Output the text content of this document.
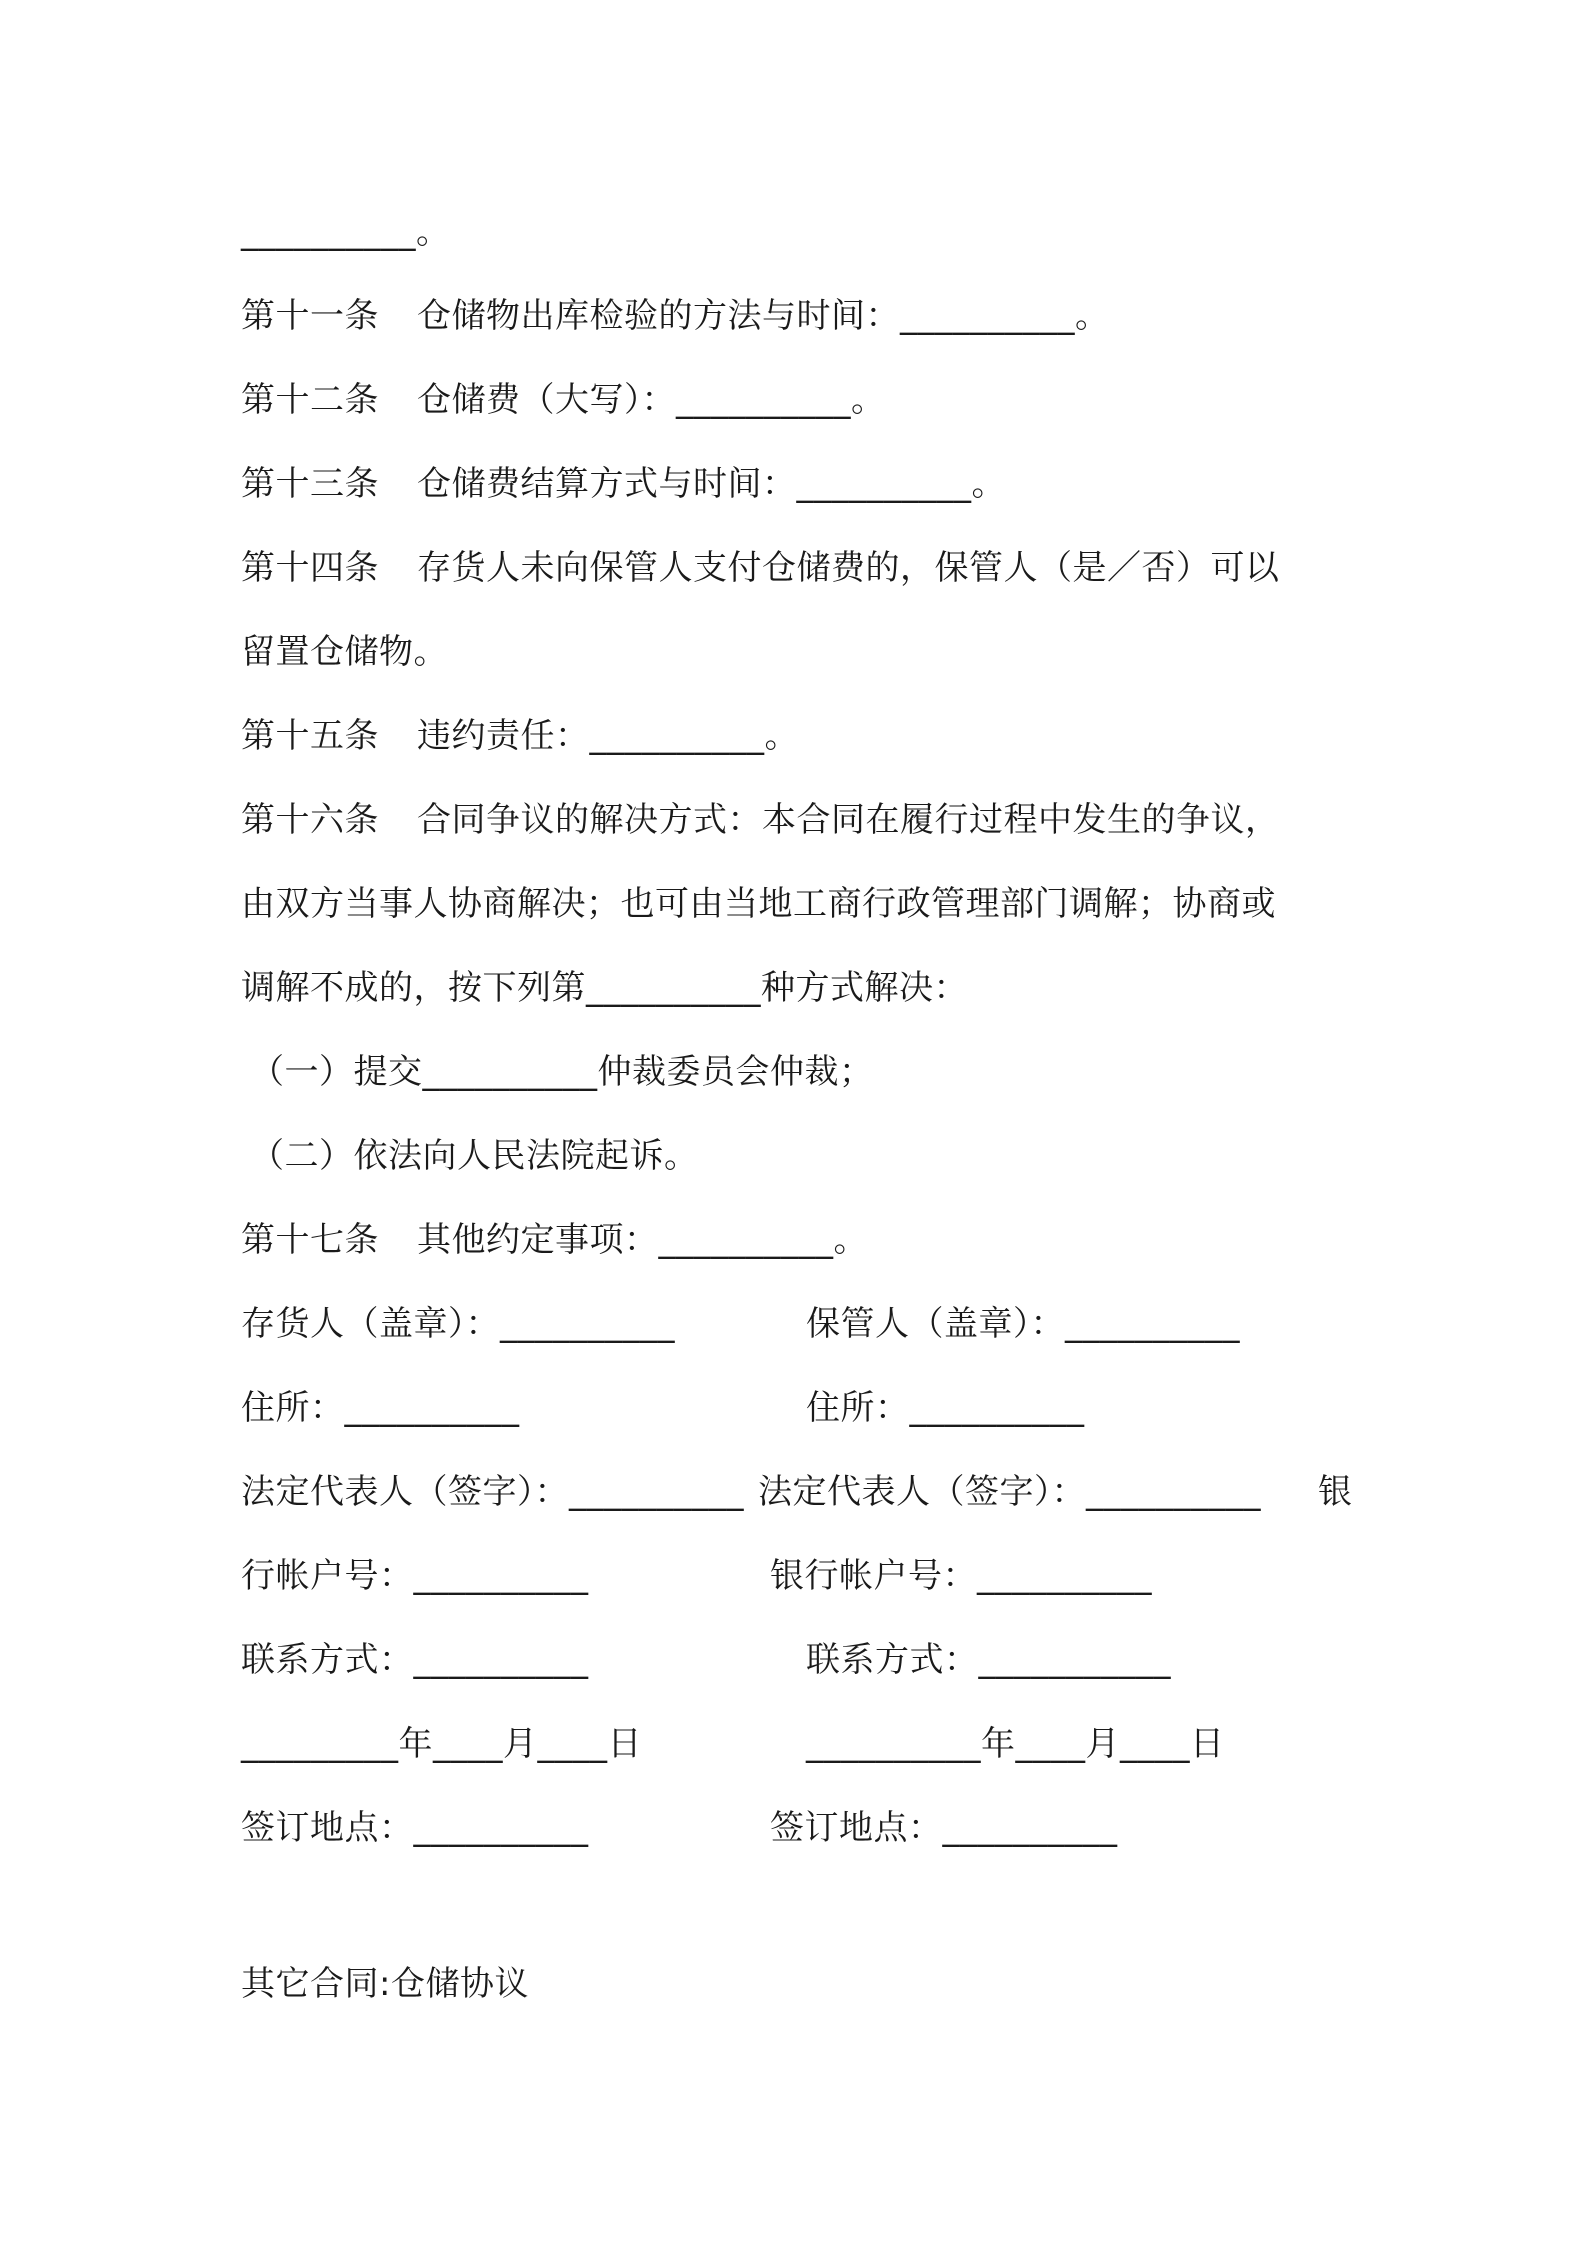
__________。
第十一条 仓储物出库检验的方法与时间：__________。
第十二条 仓储费（大写）：__________。
第十三条 仓储费结算方式与时间：__________。
第十四条 存货人未向保管人支付仓储费的，保管人（是／否）可以
留置仓储物。
第十五条 违约责任：__________。
第十六条 合同争议的解决方式：本合同在履行过程中发生的争议，
由双方当事人协商解决；也可由当地工商行政管理部门调解；协商或
调解不成的，按下列第__________种方式解决：
（一）提交__________仲裁委员会仲裁；
（二）依法向人民法院起诉。
第十七条 其他约定事项：__________。
存货人（盖章）：__________	保管人（盖章）：__________
住所：__________	住所：__________
法定代表人（签字）：__________ 法定代表人（签字）：__________ 银
行帐户号：__________	银行帐户号：__________
联系方式：__________	联系方式：___________
_________年____月____日	__________年____月____日
签订地点：__________	签订地点：__________
其它合同:仓储协议
